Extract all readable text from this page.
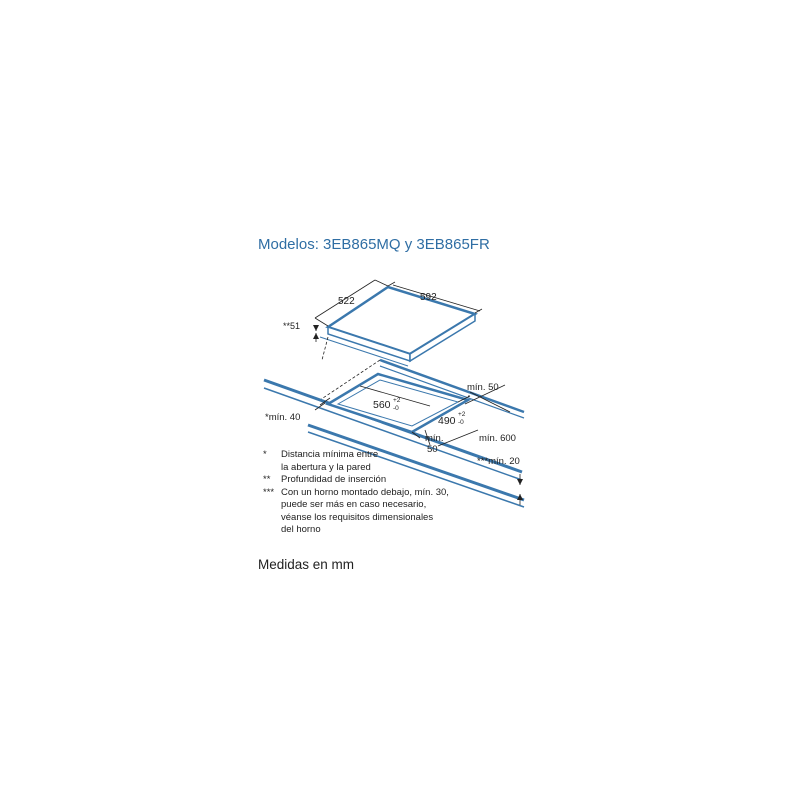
Modelos: 3EB865MQ y 3EB865FR
522	592
**51
*mín. 40
560 +2
-0
490
+2
-0
mín. 50
mín.
50
mín. 600
***mín. 20
* Distancia mínima entre
la abertura y la pared
** Profundidad de inserción
*** Con un horno montado debajo, mín. 30,
puede ser más en caso necesario,
véanse los requisitos dimensionales
del horno
Medidas en mm
